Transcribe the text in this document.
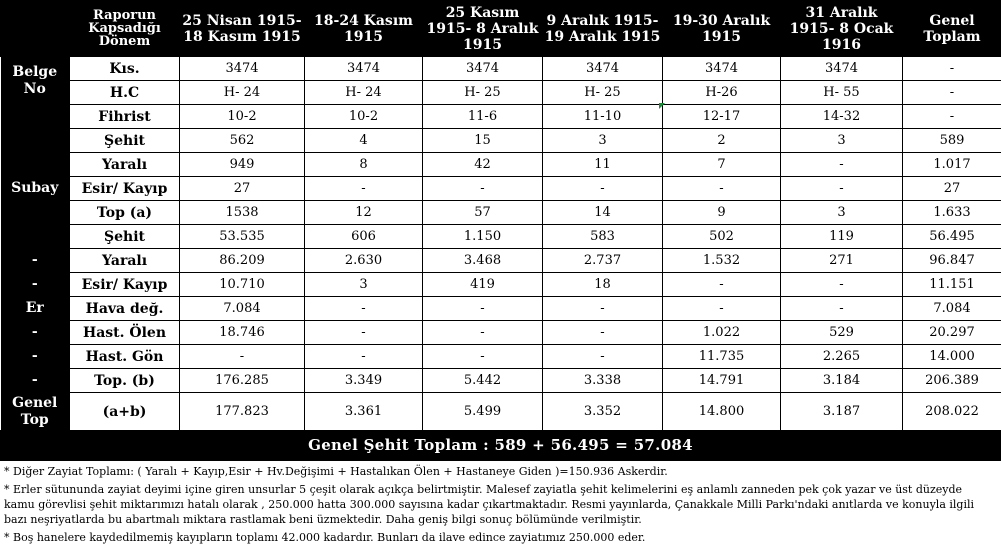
	Raporun Kapsadığı Dönem	25 Nisan 1915- 18 Kasım 1915	18-24 Kasım 1915	25 Kasım 1915- 8 Aralık 1915	9 Aralık 1915- 19 Aralık 1915	19-30 Aralık 1915	31 Aralık 1915- 8 Ocak 1916	Genel Toplam
Belge No	Kıs.	3474	3474	3474	3474	3474	3474	-
	H.C	H- 24	H- 24	H- 25	H- 25	H-26	H- 55	-
	Fihrist	10-2	10-2	11-6	11-10	12-17	14-32	-
	Şehit	562	4	15	3	2	3	589
Subay	Yaralı	949	8	42	11	7	-	1.017
	Esir/ Kayıp	27	-	-	-	-	-	27
	Top (a)	1538	12	57	14	9	3	1.633
	Şehit	53.535	606	1.150	583	502	119	56.495
-	Yaralı	86.209	2.630	3.468	2.737	1.532	271	96.847
-	Esir/ Kayıp	10.710	3	419	18	-	-	11.151
Er	Hava değ.	7.084	-	-	-	-	-	7.084
-	Hast. Ölen	18.746	-	-	-	1.022	529	20.297
-	Hast. Gön	-	-	-	-	11.735	2.265	14.000
-	Top. (b)	176.285	3.349	5.442	3.338	14.791	3.184	206.389
Genel Top	(a+b)	177.823	3.361	5.499	3.352	14.800	3.187	208.022
Genel Şehit Toplam : 589 + 56.495 = 57.084

* Diğer Zayiat Toplamı: ( Yaralı + Kayıp,Esir + Hv.Değişimi + Hastalıkan Ölen + Hastaneye Giden )=150.936 Askerdir.

* Erler sütununda zayiat deyimi içine giren unsurlar 5 çeşit olarak açıkça belirtmiştir. Malesef zayiatla şehit kelimelerini eş anlamlı zanneden pek çok yazar ve üst düzeyde kamu görevlisi şehit miktarımızı hatalı olarak , 250.000 hatta 300.000 sayısına kadar çıkartmaktadır. Resmi yayınlarda, Çanakkale Milli Parkı'ndaki anıtlarda ve konuyla ilgili bazı neşriyatlarda bu abartmalı miktara rastlamak beni üzmektedir. Daha geniş bilgi sonuç bölümünde verilmiştir.

* Boş hanelere kaydedilmemiş kayıpların toplamı 42.000 kadardır. Bunları da ilave edince zayiatımız 250.000 eder.
